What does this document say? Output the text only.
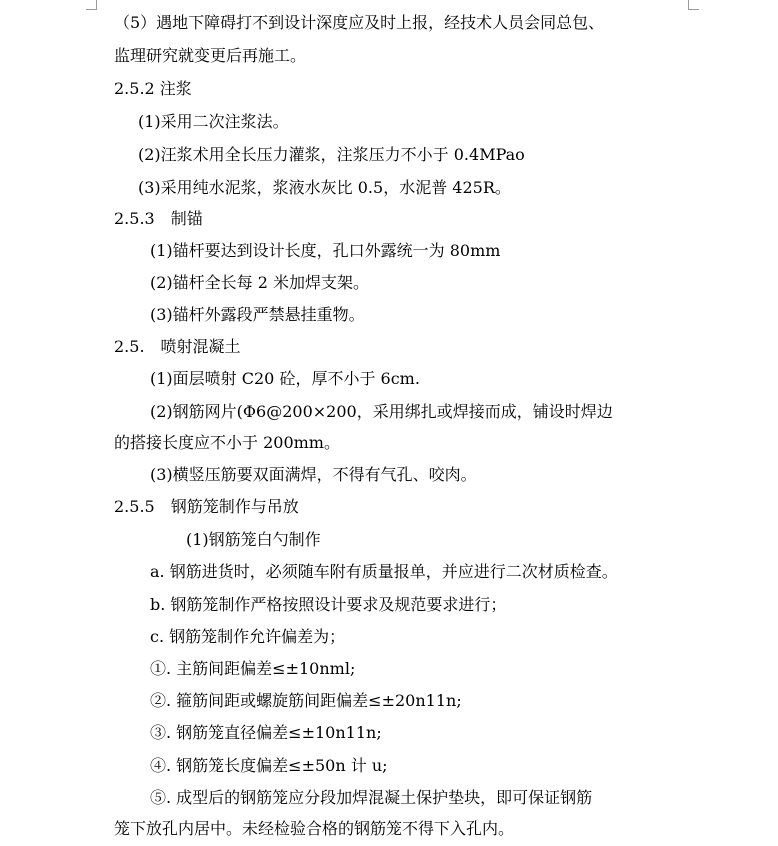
（5）遇地下障碍打不到设计深度应及时上报，经技术人员会同总包、
监理研究就变更后再施工。
2.5.2 注浆
(1)采用二次注浆法。
(2)汪浆术用全长压力灌浆，注浆压力不小于 0.4MPao
(3)采用纯水泥浆，浆液水灰比 0.5，水泥普 425R。
2.5.3　制锚
(1)锚杆要达到设计长度，孔口外露统一为 80mm
(2)锚杆全长每 2 米加焊支架。
(3)锚杆外露段严禁悬挂重物。
2.5.　喷射混凝土
(1)面层喷射 C20 砼，厚不小于 6cm.
(2)钢筋网片(Φ6@200×200，采用绑扎或焊接而成，铺设时焊边
的搭接长度应不小于 200mm。
(3)横竖压筋要双面满焊，不得有气孔、咬肉。
2.5.5　钢筋笼制作与吊放
(1)钢筋笼白勺制作
a. 钢筋进货时，必须随车附有质量报单，并应进行二次材质检查。
b. 钢筋笼制作严格按照设计要求及规范要求进行；
c. 钢筋笼制作允许偏差为；
①. 主筋间距偏差≤±10nml;
②. 箍筋间距或螺旋筋间距偏差≤±20n11n;
③. 钢筋笼直径偏差≤±10n11n;
④. 钢筋笼长度偏差≤±50n 计 u;
⑤. 成型后的钢筋笼应分段加焊混凝土保护垫块，即可保证钢筋
笼下放孔内居中。未经检验合格的钢筋笼不得下入孔内。
